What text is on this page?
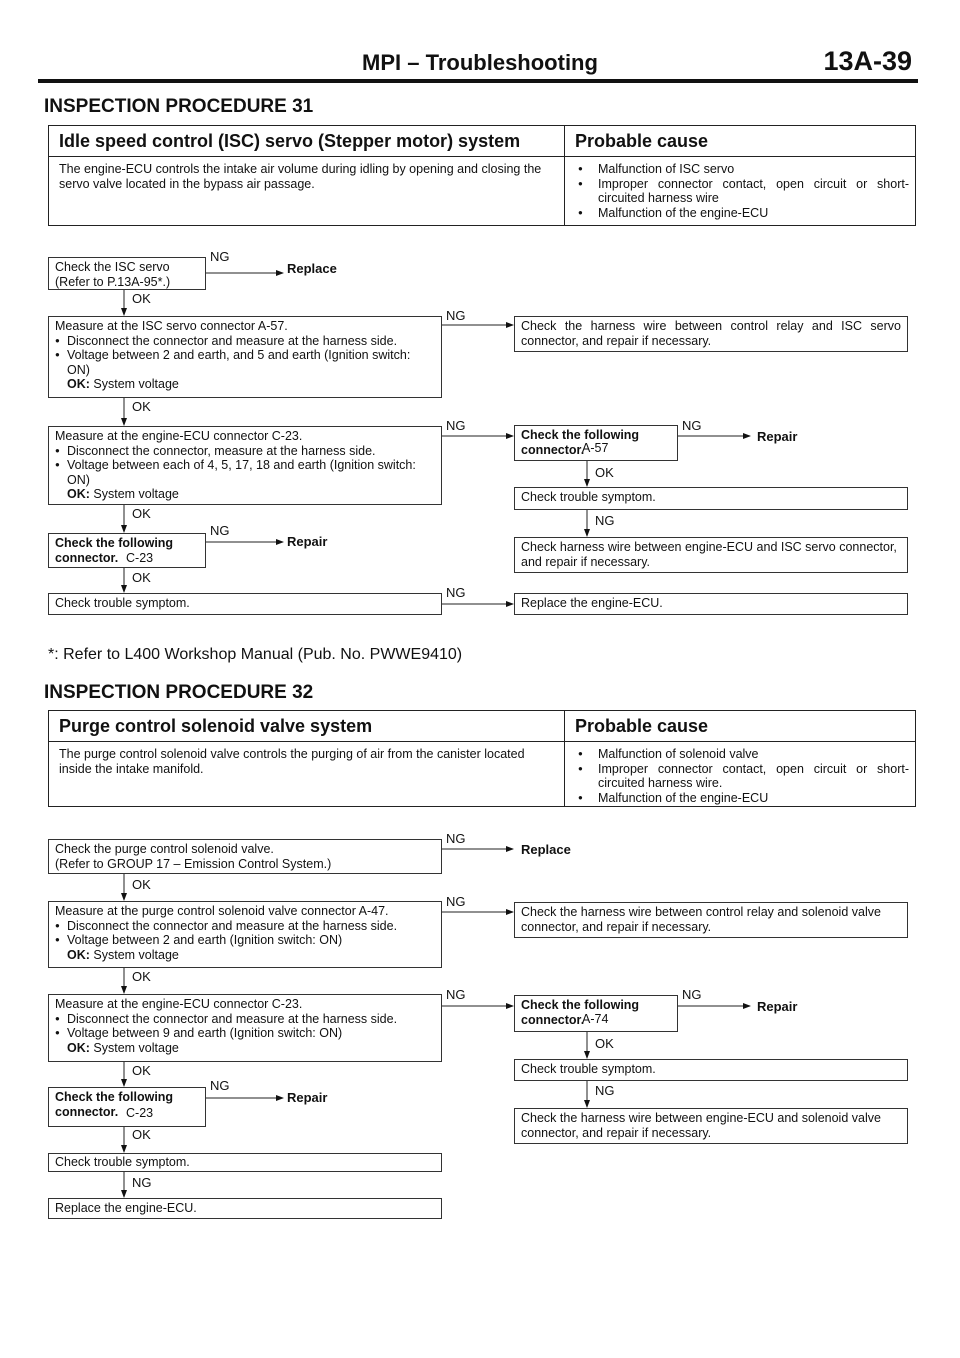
MPI – Troubleshooting	13A-39
INSPECTION PROCEDURE 31
Idle speed control (ISC) servo (Stepper motor) system	Probable cause
The engine-ECU controls the intake air volume during idling by opening and closing the servo valve located in the bypass air passage.
● Malfunction of ISC servo
● Improper connector contact, open circuit or short-circuited harness wire
● Malfunction of the engine-ECU
Check the ISC servo
(Refer to P.13A-95*.)
NG
Replace
OK
Measure at the ISC servo connector A-57.
● Disconnect the connector and measure at the harness side.
● Voltage between 2 and earth, and 5 and earth (Ignition switch: ON)
OK: System voltage
NG
Check the harness wire between control relay and ISC servo connector, and repair if necessary.
OK
Measure at the engine-ECU connector C-23.
● Disconnect the connector, measure at the harness side.
● Voltage between each of 4, 5, 17, 18 and earth (Ignition switch: ON)
OK: System voltage
NG
Check the following connector.
A-57
NG
Repair
OK
Check trouble symptom.
NG
Check harness wire between engine-ECU and ISC servo connector, and repair if necessary.
OK
Check the following connector. C-23
NG
Repair
OK
Check trouble symptom.
NG
Replace the engine-ECU.
*: Refer to L400 Workshop Manual (Pub. No. PWWE9410)
INSPECTION PROCEDURE 32
Purge control solenoid valve system	Probable cause
The purge control solenoid valve controls the purging of air from the canister located inside the intake manifold.
● Malfunction of solenoid valve
● Improper connector contact, open circuit or short-circuited harness wire.
● Malfunction of the engine-ECU
Check the purge control solenoid valve.
(Refer to GROUP 17 – Emission Control System.)
NG
Replace
OK
Measure at the purge control solenoid valve connector A-47.
● Disconnect the connector and measure at the harness side.
● Voltage between 2 and earth (Ignition switch: ON)
OK: System voltage
NG
Check the harness wire between control relay and solenoid valve connector, and repair if necessary.
OK
Measure at the engine-ECU connector C-23.
● Disconnect the connector and measure at the harness side.
● Voltage between 9 and earth (Ignition switch: ON)
OK: System voltage
NG
Check the following connector.
A-74
NG
Repair
OK
Check trouble symptom.
NG
Check the harness wire between engine-ECU and solenoid valve connector, and repair if necessary.
OK
Check the following connector. C-23
NG
Repair
OK
Check trouble symptom.
NG
Replace the engine-ECU.
